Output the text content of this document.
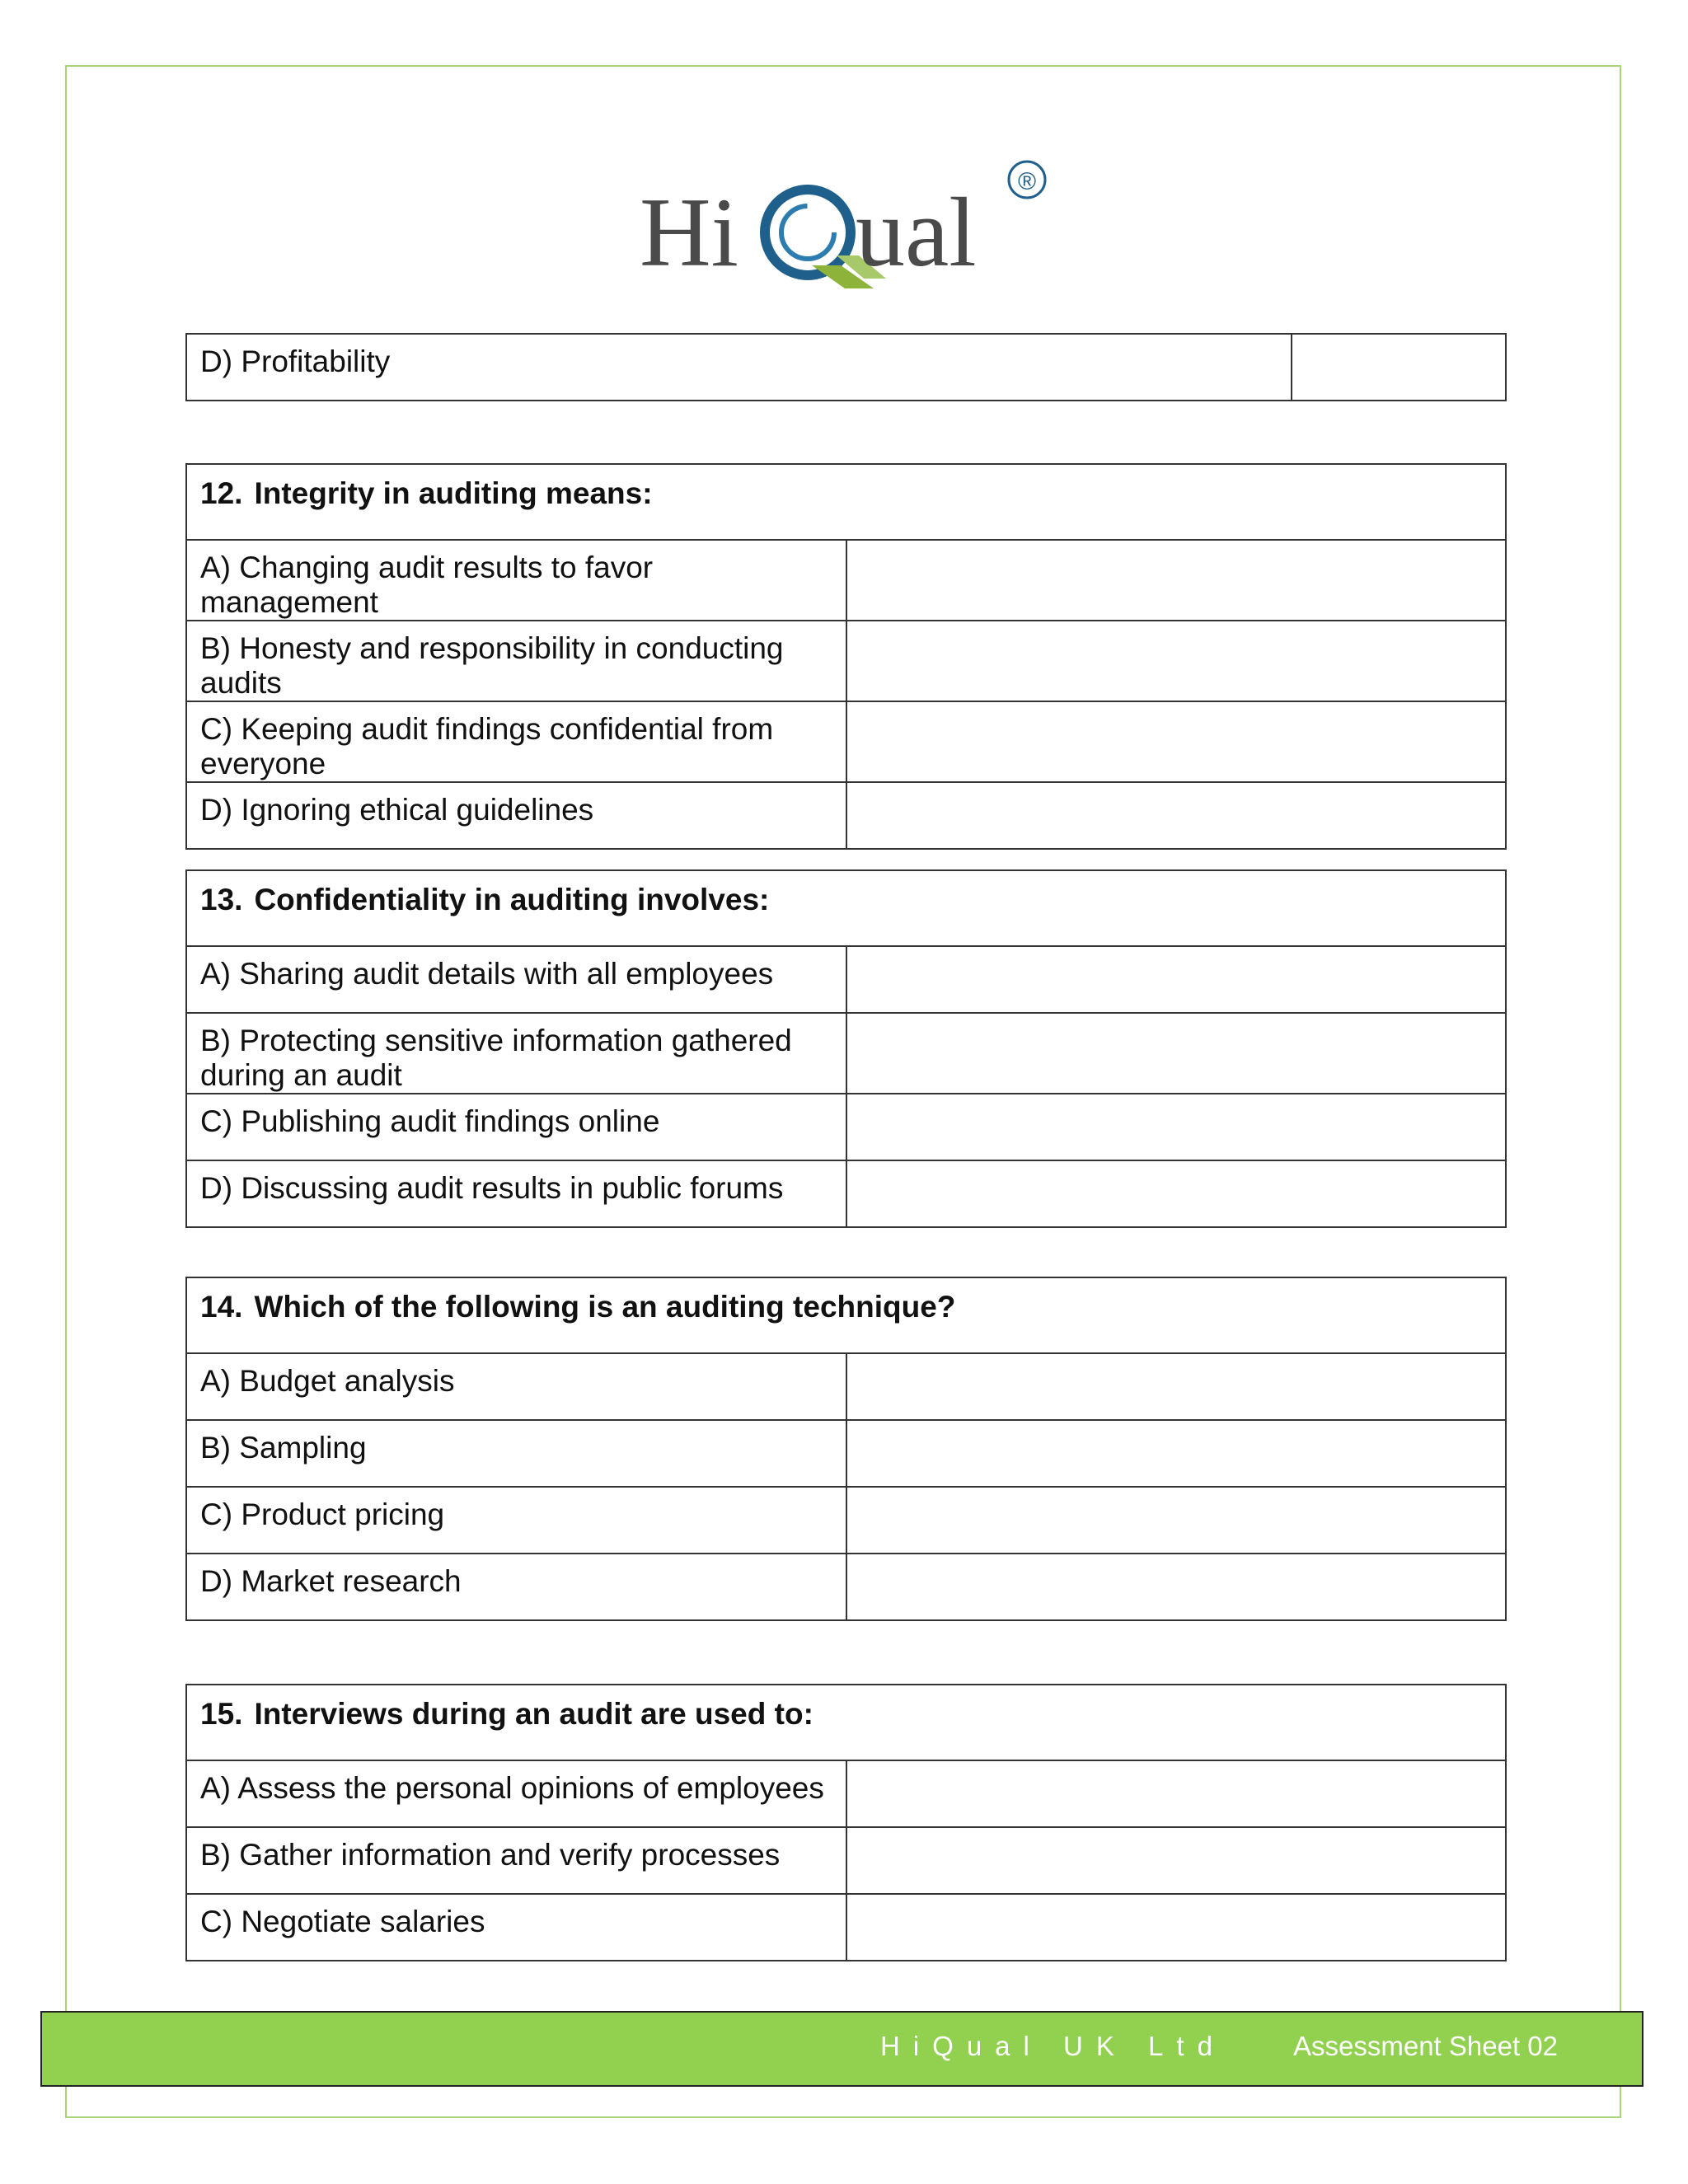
Hi ual ®
D) Profitability	
12. Integrity in auditing means:	
A) Changing audit results to favor management	
B) Honesty and responsibility in conducting audits	
C) Keeping audit findings confidential from everyone	
D) Ignoring ethical guidelines	
13. Confidentiality in auditing involves:	
A) Sharing audit details with all employees	
B) Protecting sensitive information gathered during an audit	
C) Publishing audit findings online	
D) Discussing audit results in public forums	
14. Which of the following is an auditing technique?	
A) Budget analysis	
B) Sampling	
C) Product pricing	
D) Market research	
15. Interviews during an audit are used to:	
A) Assess the personal opinions of employees	
B) Gather information and verify processes	
C) Negotiate salaries	
HiQual UK Ltd Assessment Sheet 02
